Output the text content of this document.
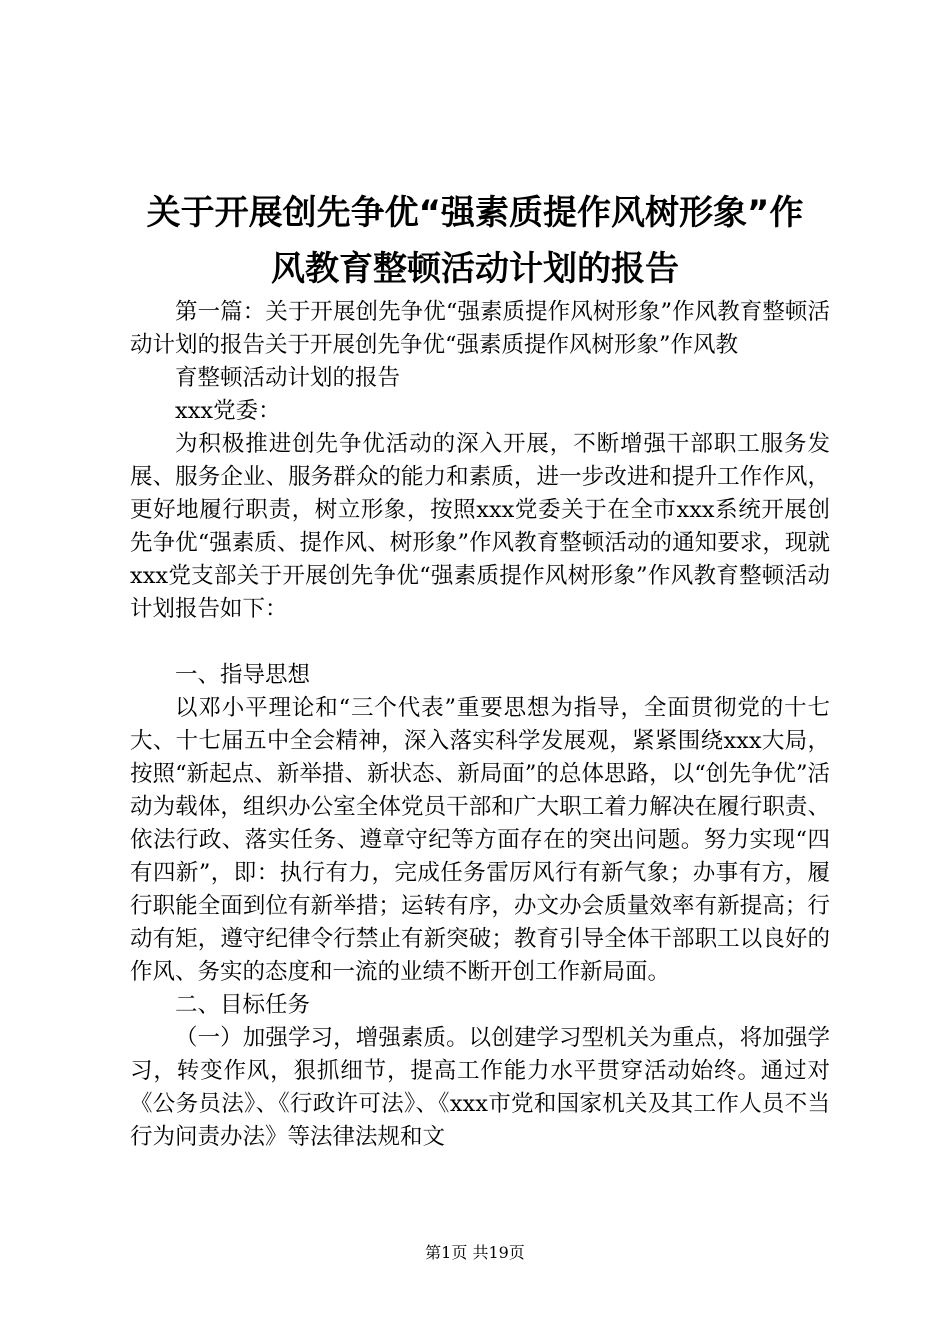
关于开展创先争优“强素质提作风树形象”作
风教育整顿活动计划的报告

第一篇：关于开展创先争优“强素质提作风树形象”作风教育整顿活动计划的报告关于开展创先争优“强素质提作风树形象”作风教

育整顿活动计划的报告

xxx党委：

为积极推进创先争优活动的深入开展，不断增强干部职工服务发展、服务企业、服务群众的能力和素质，进一步改进和提升工作作风，更好地履行职责，树立形象，按照xxx党委关于在全市xxx系统开展创先争优“强素质、提作风、树形象”作风教育整顿活动的通知要求，现就xxx党支部关于开展创先争优“强素质提作风树形象”作风教育整顿活动计划报告如下：

一、指导思想

以邓小平理论和“三个代表”重要思想为指导，全面贯彻党的十七大、十七届五中全会精神，深入落实科学发展观，紧紧围绕xxx大局，按照“新起点、新举措、新状态、新局面”的总体思路，以“创先争优”活动为载体，组织办公室全体党员干部和广大职工着力解决在履行职责、依法行政、落实任务、遵章守纪等方面存在的突出问题。努力实现“四有四新”，即：执行有力，完成任务雷厉风行有新气象；办事有方，履行职能全面到位有新举措；运转有序，办文办会质量效率有新提高；行动有矩，遵守纪律令行禁止有新突破；教育引导全体干部职工以良好的作风、务实的态度和一流的业绩不断开创工作新局面。

二、目标任务

（一）加强学习，增强素质。以创建学习型机关为重点，将加强学习，转变作风，狠抓细节，提高工作能力水平贯穿活动始终。通过对《公务员法》、《行政许可法》、《xxx市党和国家机关及其工作人员不当行为问责办法》等法律法规和文

第1页 共19页
